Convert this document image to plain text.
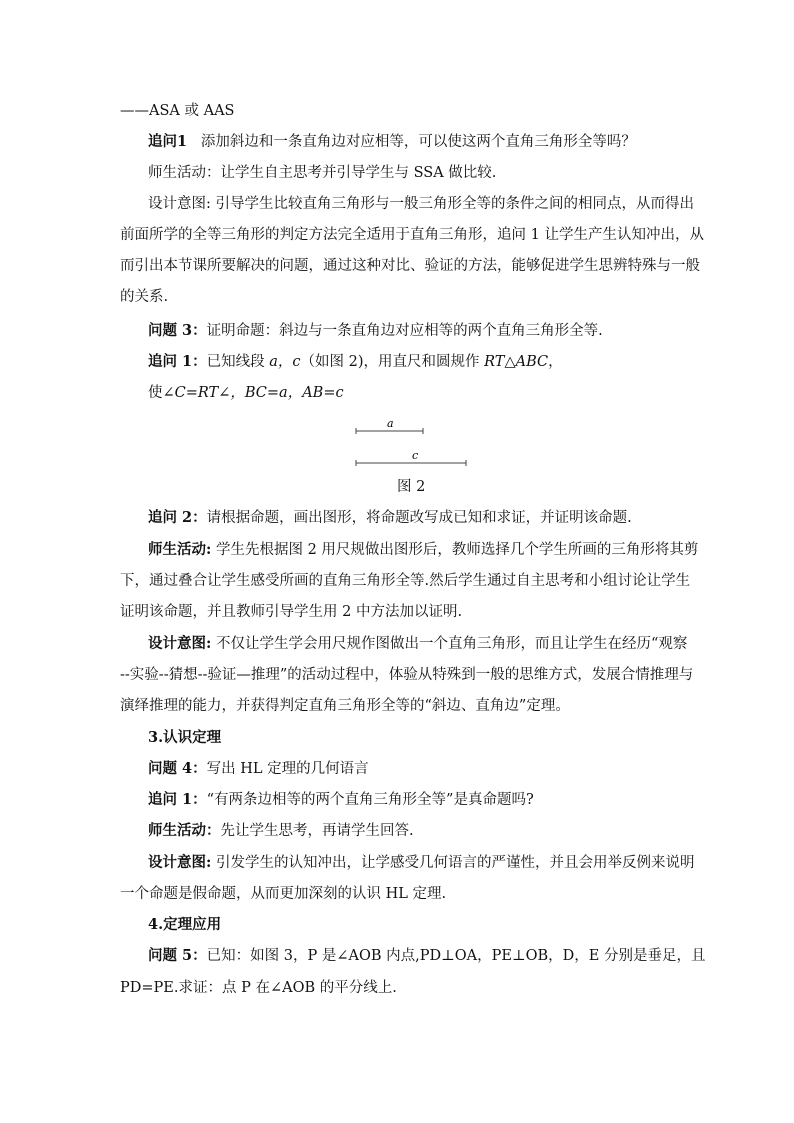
——ASA 或 AAS
追问1 添加斜边和一条直角边对应相等，可以使这两个直角三角形全等吗？
师生活动：让学生自主思考并引导学生与 SSA 做比较.
设计意图: 引导学生比较直角三角形与一般三角形全等的条件之间的相同点，从而得出
前面所学的全等三角形的判定方法完全适用于直角三角形，追问 1 让学生产生认知冲出，从
而引出本节课所要解决的问题，通过这种对比、验证的方法，能够促进学生思辨特殊与一般
的关系.
问题 3：证明命题：斜边与一条直角边对应相等的两个直角三角形全等.
追问 1：已知线段 a，c（如图 2)，用直尺和圆规作 RT△ABC，
使∠C=RT∠，BC=a，AB=c
a
c
图 2
追问 2：请根据命题，画出图形，将命题改写成已知和求证，并证明该命题.
师生活动: 学生先根据图 2 用尺规做出图形后，教师选择几个学生所画的三角形将其剪
下，通过叠合让学生感受所画的直角三角形全等.然后学生通过自主思考和小组讨论让学生
证明该命题，并且教师引导学生用 2 中方法加以证明.
设计意图: 不仅让学生学会用尺规作图做出一个直角三角形，而且让学生在经历“观察
--实验--猜想--验证—推理”的活动过程中，体验从特殊到一般的思维方式，发展合情推理与
演绎推理的能力，并获得判定直角三角形全等的“斜边、直角边”定理。
3.认识定理
问题 4：写出 HL 定理的几何语言
追问 1：“有两条边相等的两个直角三角形全等”是真命题吗?
师生活动：先让学生思考，再请学生回答.
设计意图: 引发学生的认知冲出，让学感受几何语言的严谨性，并且会用举反例来说明
一个命题是假命题，从而更加深刻的认识 HL 定理.
4.定理应用
问题 5：已知：如图 3，P 是∠AOB 内点,PD⊥OA，PE⊥OB，D，E 分别是垂足，且
PD=PE.求证：点 P 在∠AOB 的平分线上.
